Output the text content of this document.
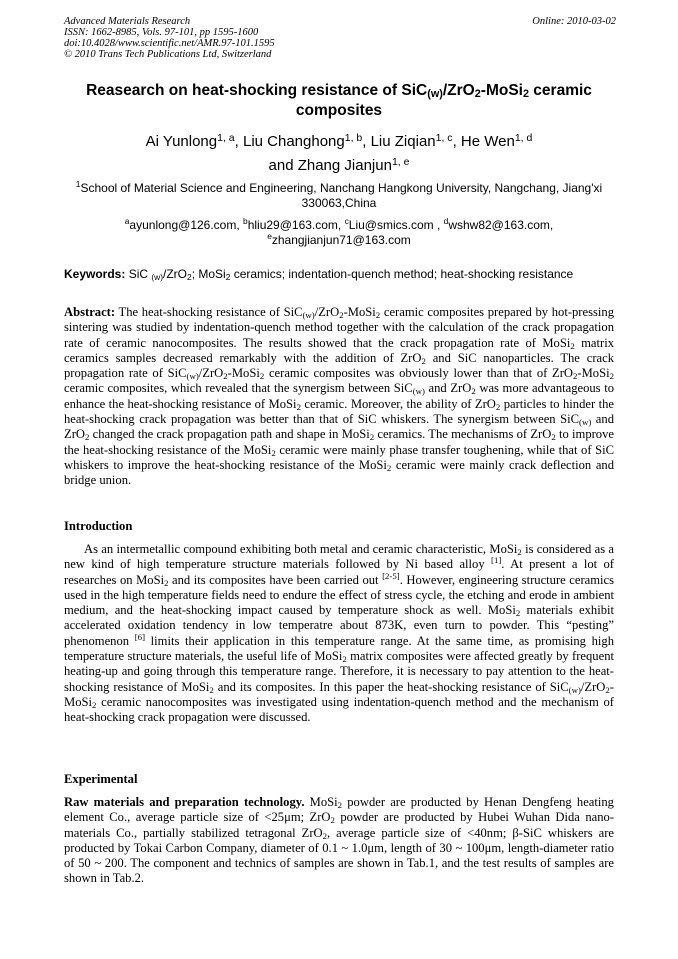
Advanced Materials Research
ISSN: 1662-8985, Vols. 97-101, pp 1595-1600
doi:10.4028/www.scientific.net/AMR.97-101.1595
© 2010 Trans Tech Publications Ltd, Switzerland
Online: 2010-03-02
Reasearch on heat-shocking resistance of SiC$_{(w)}$/ZrO$_2$-MoSi$_2$ ceramic composites
Ai Yunlong$^{1, a}$, Liu Changhong$^{1, b}$, Liu Ziqian$^{1, c}$, He Wen$^{1, d}$
and Zhang Jianjun$^{1, e}$
$^1$School of Material Science and Engineering, Nanchang Hangkong University, Nangchang, Jiang'xi 330063,China
$^a$ayunlong@126.com, $^b$hliu29@163.com, $^c$Liu@smics.com , $^d$wshw82@163.com,
$^e$zhangjianjun71@163.com
Keywords: SiC $_{(w)}$/ZrO$_2$; MoSi$_2$ ceramics; indentation-quench method; heat-shocking resistance
Abstract: The heat-shocking resistance of SiC$_{(w)}$/ZrO$_2$-MoSi$_2$ ceramic composites prepared by hot-pressing sintering was studied by indentation-quench method together with the calculation of the crack propagation rate of ceramic nanocomposites. The results showed that the crack propagation rate of MoSi$_2$ matrix ceramics samples decreased remarkably with the addition of ZrO$_2$ and SiC nanoparticles. The crack propagation rate of SiC$_{(w)}$/ZrO$_2$-MoSi$_2$ ceramic composites was obviously lower than that of ZrO$_2$-MoSi$_2$ ceramic composites, which revealed that the synergism between SiC$_{(w)}$ and ZrO$_2$ was more advantageous to enhance the heat-shocking resistance of MoSi$_2$ ceramic. Moreover, the ability of ZrO$_2$ particles to hinder the heat-shocking crack propagation was better than that of SiC whiskers. The synergism between SiC$_{(w)}$ and ZrO$_2$ changed the crack propagation path and shape in MoSi$_2$ ceramics. The mechanisms of ZrO$_2$ to improve the heat-shocking resistance of the MoSi$_2$ ceramic were mainly phase transfer toughening, while that of SiC whiskers to improve the heat-shocking resistance of the MoSi$_2$ ceramic were mainly crack deflection and bridge union.
Introduction
As an intermetallic compound exhibiting both metal and ceramic characteristic, MoSi$_2$ is considered as a new kind of high temperature structure materials followed by Ni based alloy [1]. At present a lot of researches on MoSi$_2$ and its composites have been carried out [2-5]. However, engineering structure ceramics used in the high temperature fields need to endure the effect of stress cycle, the etching and erode in ambient medium, and the heat-shocking impact caused by temperature shock as well. MoSi$_2$ materials exhibit accelerated oxidation tendency in low temperatre about 873K, even turn to powder. This “pesting” phenomenon [6] limits their application in this temperature range. At the same time, as promising high temperature structure materials, the useful life of MoSi$_2$ matrix composites were affected greatly by frequent heating-up and going through this temperature range. Therefore, it is necessary to pay attention to the heat-shocking resistance of MoSi$_2$ and its composites. In this paper the heat-shocking resistance of SiC$_{(w)}$/ZrO$_2$-MoSi$_2$ ceramic nanocomposites was investigated using indentation-quench method and the mechanism of heat-shocking crack propagation were discussed.
Experimental
Raw materials and preparation technology. MoSi$_2$ powder are producted by Henan Dengfeng heating element Co., average particle size of <25μm; ZrO$_2$ powder are producted by Hubei Wuhan Dida nano-materials Co., partially stabilized tetragonal ZrO$_2$, average particle size of <40nm; β-SiC whiskers are producted by Tokai Carbon Company, diameter of 0.1 ~ 1.0μm, length of 30 ~ 100μm, length-diameter ratio of 50 ~ 200. The component and technics of samples are shown in Tab.1, and the test results of samples are shown in Tab.2.
